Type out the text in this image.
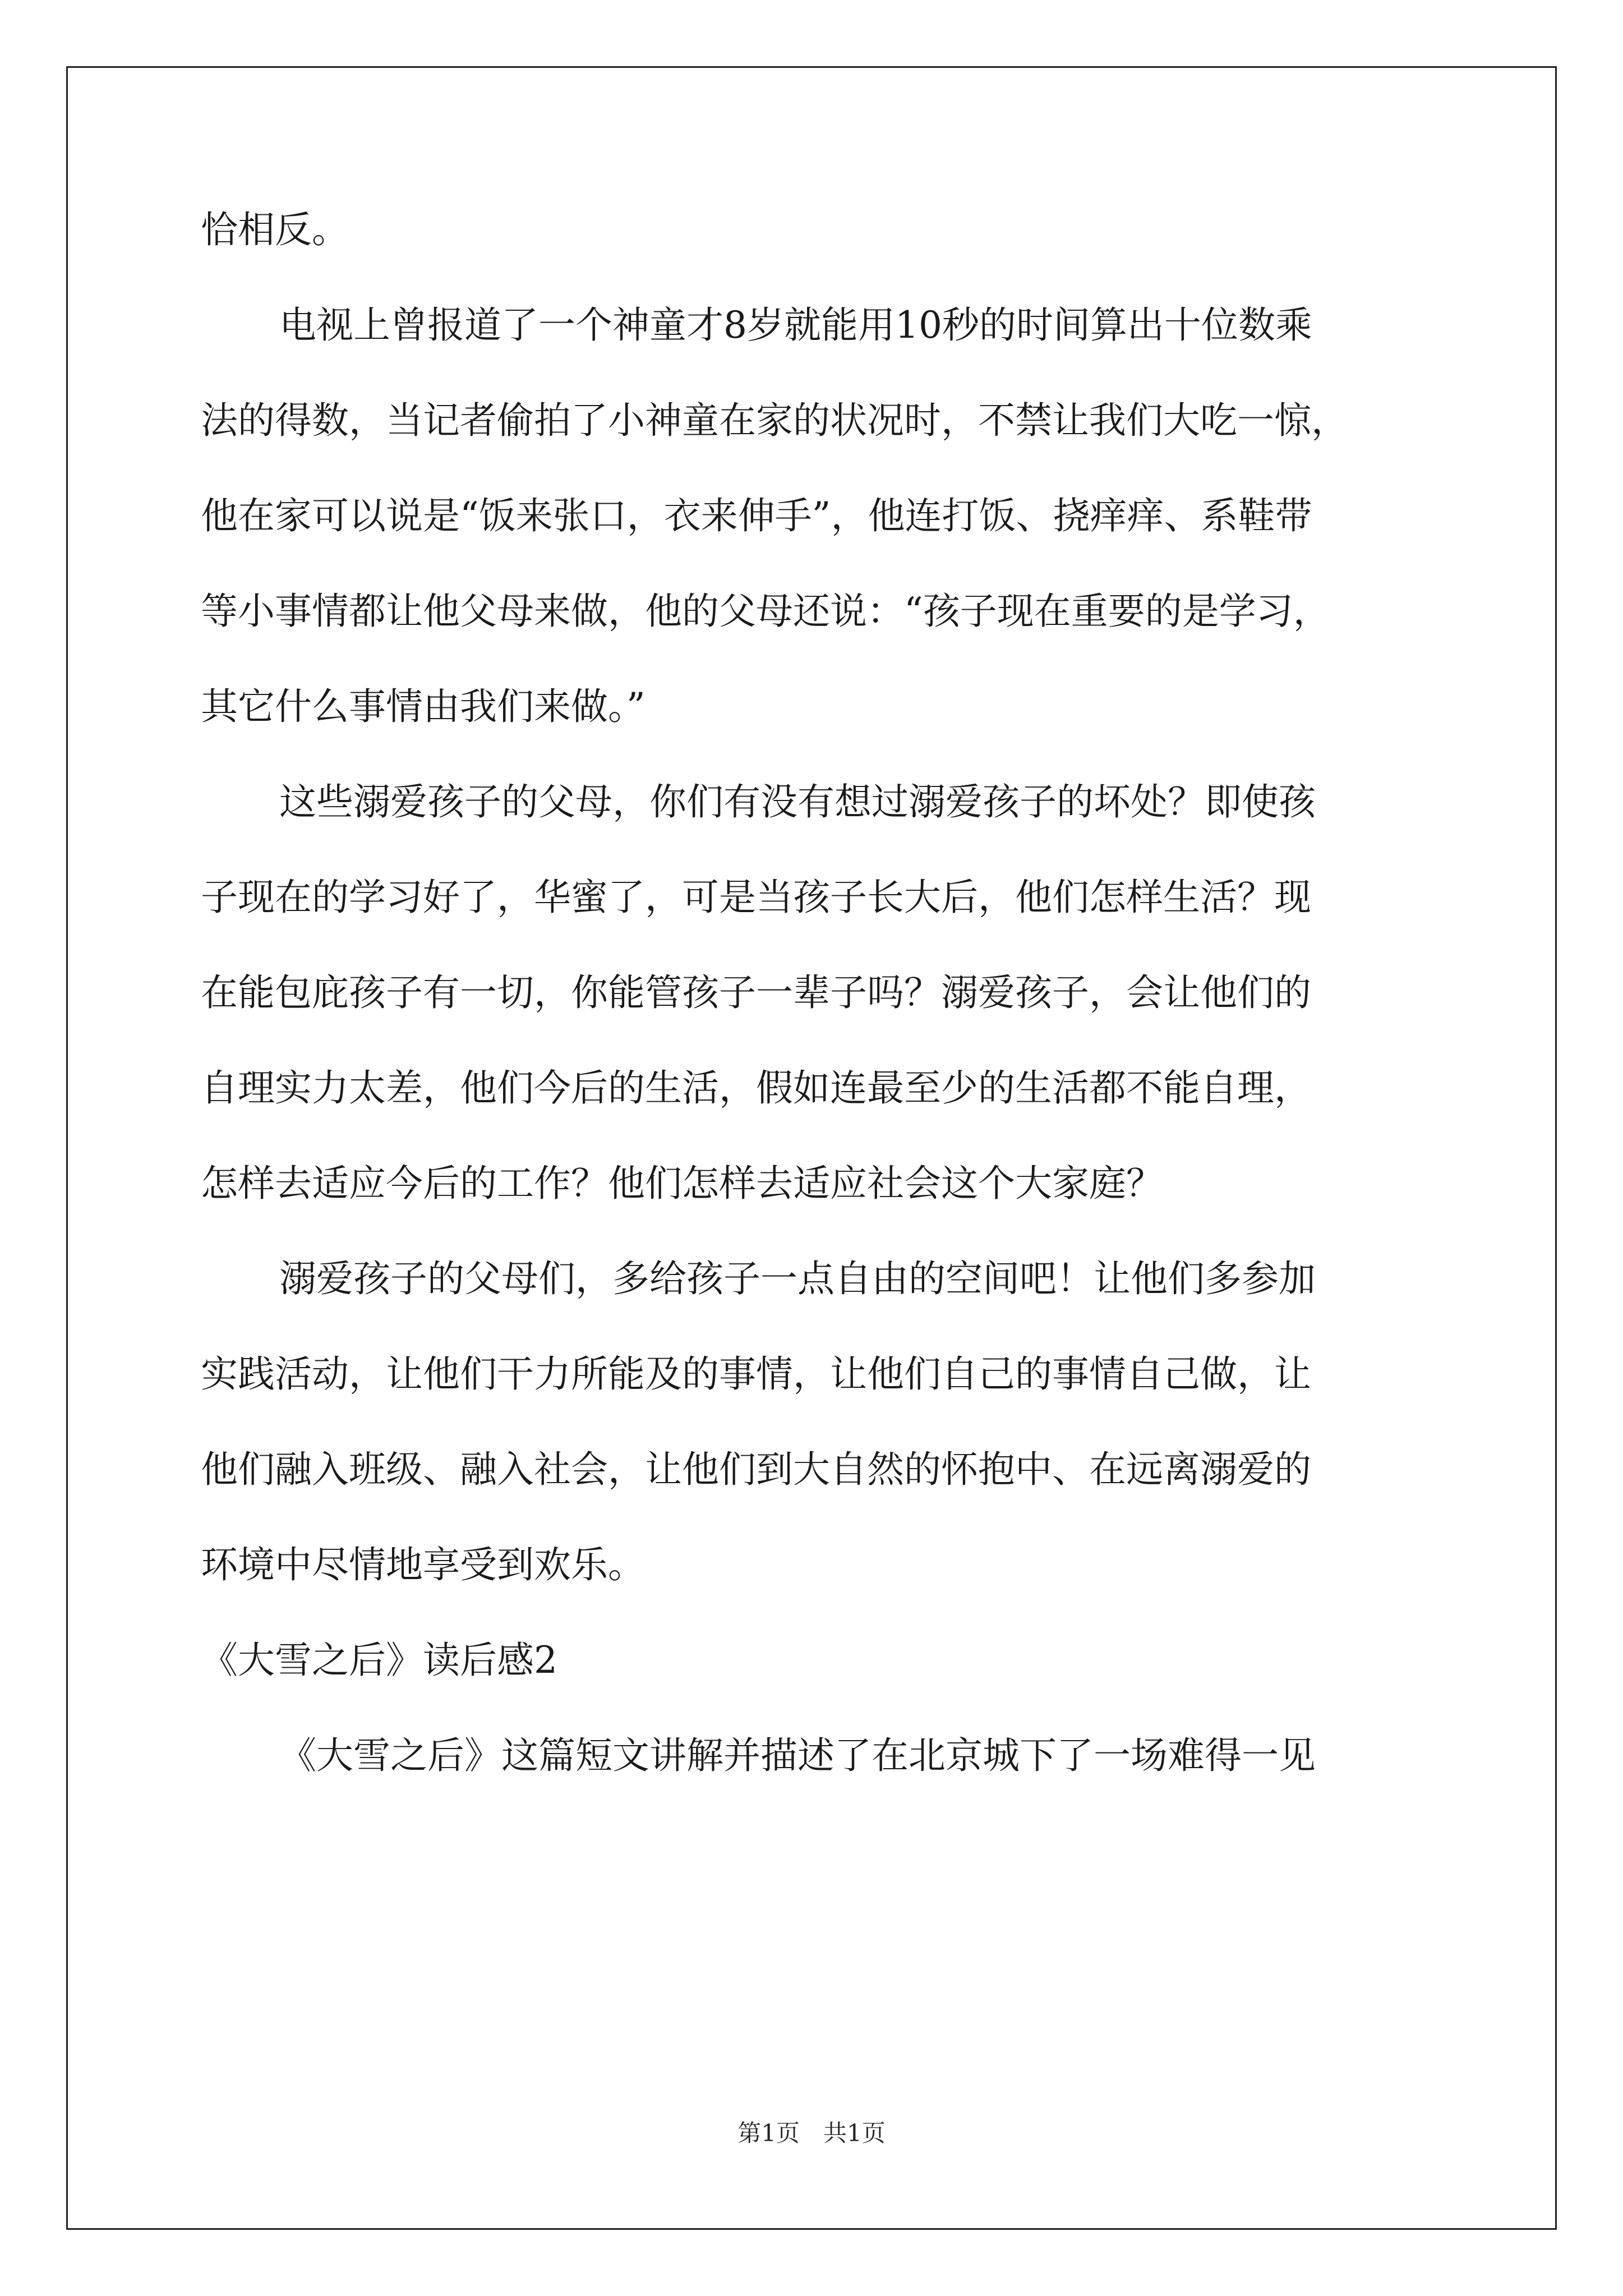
恰相反。
电视上曾报道了一个神童才8岁就能用10秒的时间算出十位数乘
法的得数，当记者偷拍了小神童在家的状况时，不禁让我们大吃一惊，
他在家可以说是“饭来张口，衣来伸手”，他连打饭、挠痒痒、系鞋带
等小事情都让他父母来做，他的父母还说：“孩子现在重要的是学习，
其它什么事情由我们来做。”
这些溺爱孩子的父母，你们有没有想过溺爱孩子的坏处？即使孩
子现在的学习好了，华蜜了，可是当孩子长大后，他们怎样生活？现
在能包庇孩子有一切，你能管孩子一辈子吗？溺爱孩子，会让他们的
自理实力太差，他们今后的生活，假如连最至少的生活都不能自理，
怎样去适应今后的工作？他们怎样去适应社会这个大家庭？
溺爱孩子的父母们，多给孩子一点自由的空间吧！让他们多参加
实践活动，让他们干力所能及的事情，让他们自己的事情自己做，让
他们融入班级、融入社会，让他们到大自然的怀抱中、在远离溺爱的
环境中尽情地享受到欢乐。
《大雪之后》读后感2
《大雪之后》这篇短文讲解并描述了在北京城下了一场难得一见
第1页　共1页
